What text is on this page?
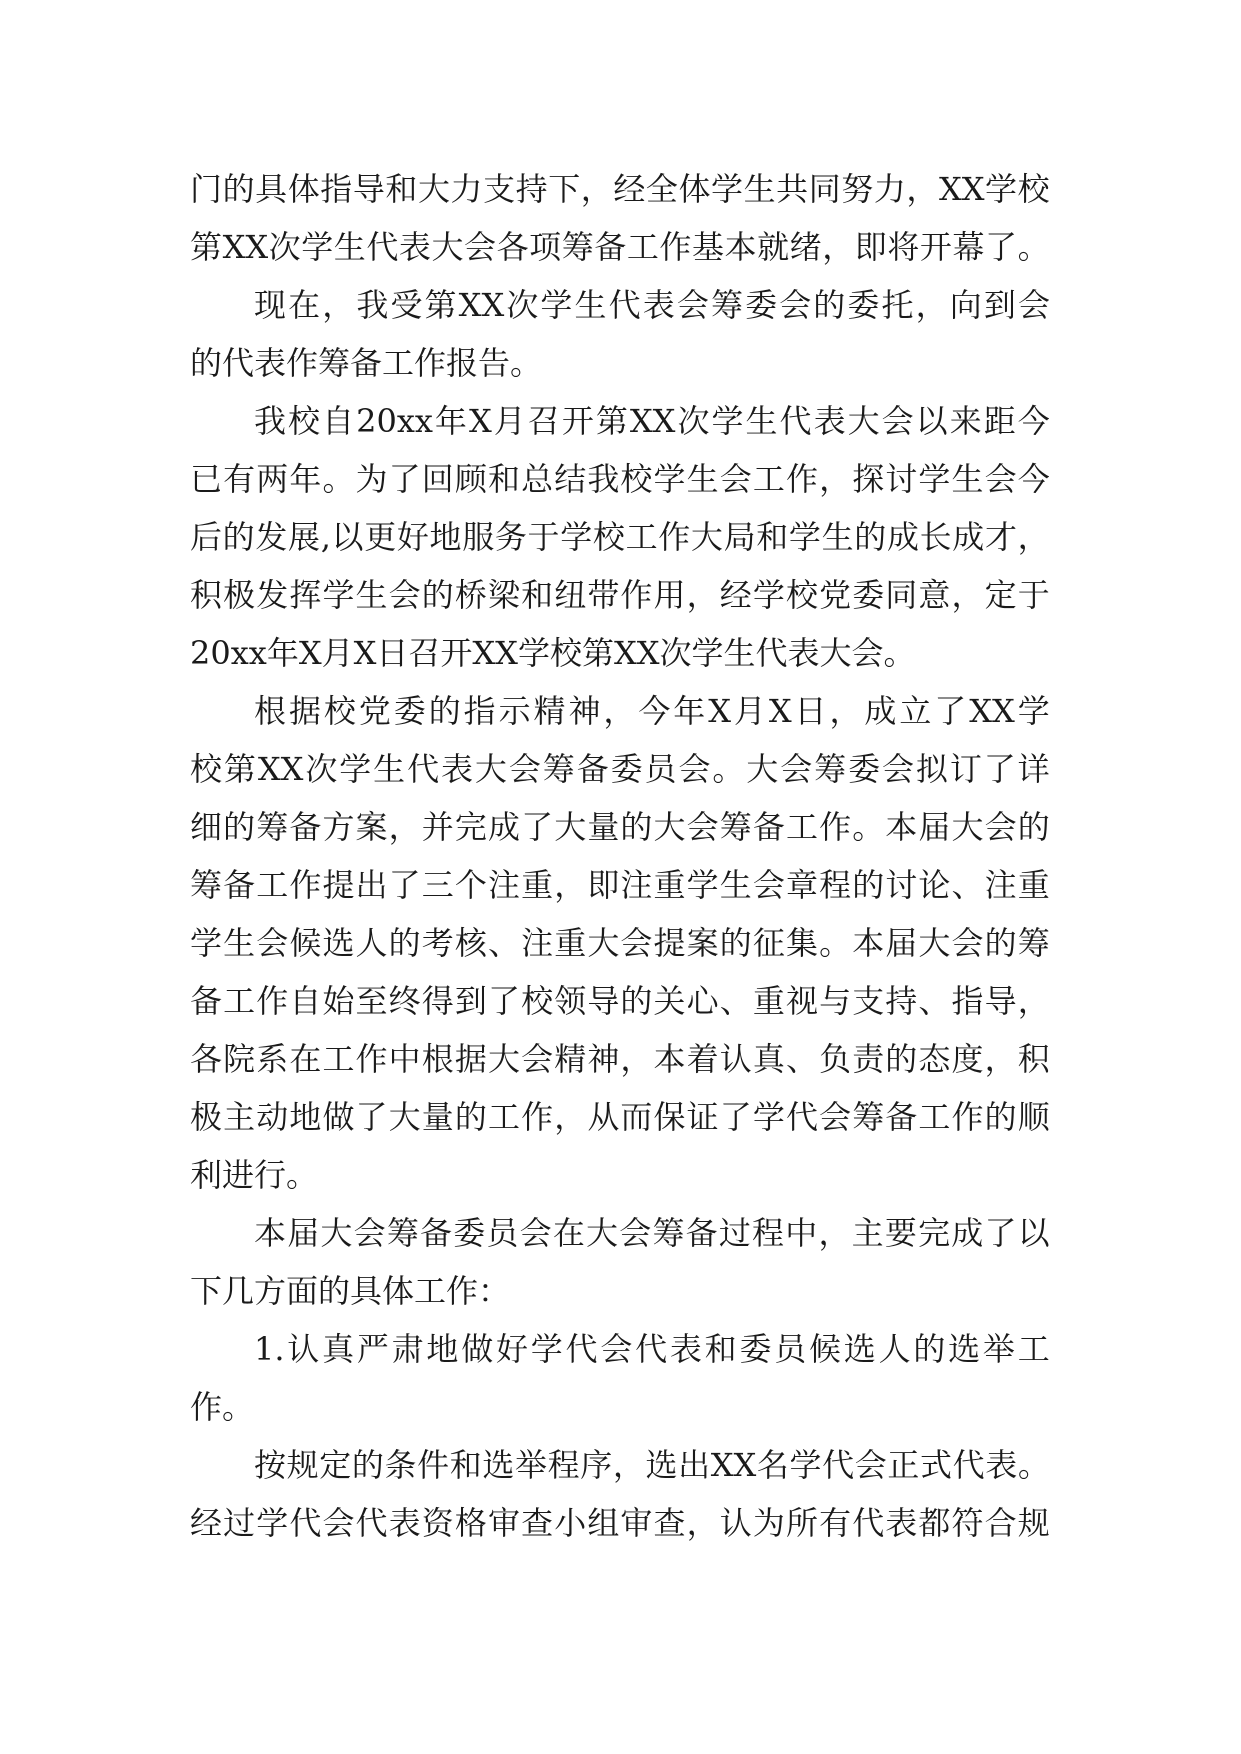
门 的 具 体 指 导 和 大 力 支 持 下 ， 经 全 体 学 生 共 同 努 力 ， XX 学 校
第 XX 次 学 生 代 表 大 会 各 项 筹 备 工 作 基 本 就 绪 ， 即 将 开 幕 了 。
现 在 ， 我 受 第 XX 次 学 生 代 表 会 筹 委 会 的 委 托 ， 向 到 会
的代表作筹备工作报告。
我 校 自 20xx 年 X 月 召 开 第 XX 次 学 生 代 表 大 会 以 来 距 今
已 有 两 年 。 为 了 回 顾 和 总 结 我 校 学 生 会 工 作 ， 探 讨 学 生 会 今
后 的 发 展 , 以 更 好 地 服 务 于 学 校 工 作 大 局 和 学 生 的 成 长 成 才 ，
积 极 发 挥 学 生 会 的 桥 梁 和 纽 带 作 用 ， 经 学 校 党 委 同 意 ， 定 于
20xx年X月X日召开XX学校第XX次学生代表大会。
根 据 校 党 委 的 指 示 精 神 ， 今 年 X 月 X 日 ， 成 立 了 XX 学
校 第 XX 次 学 生 代 表 大 会 筹 备 委 员 会 。 大 会 筹 委 会 拟 订 了 详
细 的 筹 备 方 案 ， 并 完 成 了 大 量 的 大 会 筹 备 工 作 。 本 届 大 会 的
筹 备 工 作 提 出 了 三 个 注 重 ， 即 注 重 学 生 会 章 程 的 讨 论 、 注 重
学 生 会 候 选 人 的 考 核 、 注 重 大 会 提 案 的 征 集 。 本 届 大 会 的 筹
备 工 作 自 始 至 终 得 到 了 校 领 导 的 关 心 、 重 视 与 支 持 、 指 导 ，
各 院 系 在 工 作 中 根 据 大 会 精 神 ， 本 着 认 真 、 负 责 的 态 度 ， 积
极 主 动 地 做 了 大 量 的 工 作 ， 从 而 保 证 了 学 代 会 筹 备 工 作 的 顺
利进行。
本 届 大 会 筹 备 委 员 会 在 大 会 筹 备 过 程 中 ， 主 要 完 成 了 以
下几方面的具体工作：
1. 认 真 严 肃 地 做 好 学 代 会 代 表 和 委 员 候 选 人 的 选 举 工
作。
按 规 定 的 条 件 和 选 举 程 序 ， 选 出 XX 名 学 代 会 正 式 代 表 。
经 过 学 代 会 代 表 资 格 审 查 小 组 审 查 ， 认 为 所 有 代 表 都 符 合 规
